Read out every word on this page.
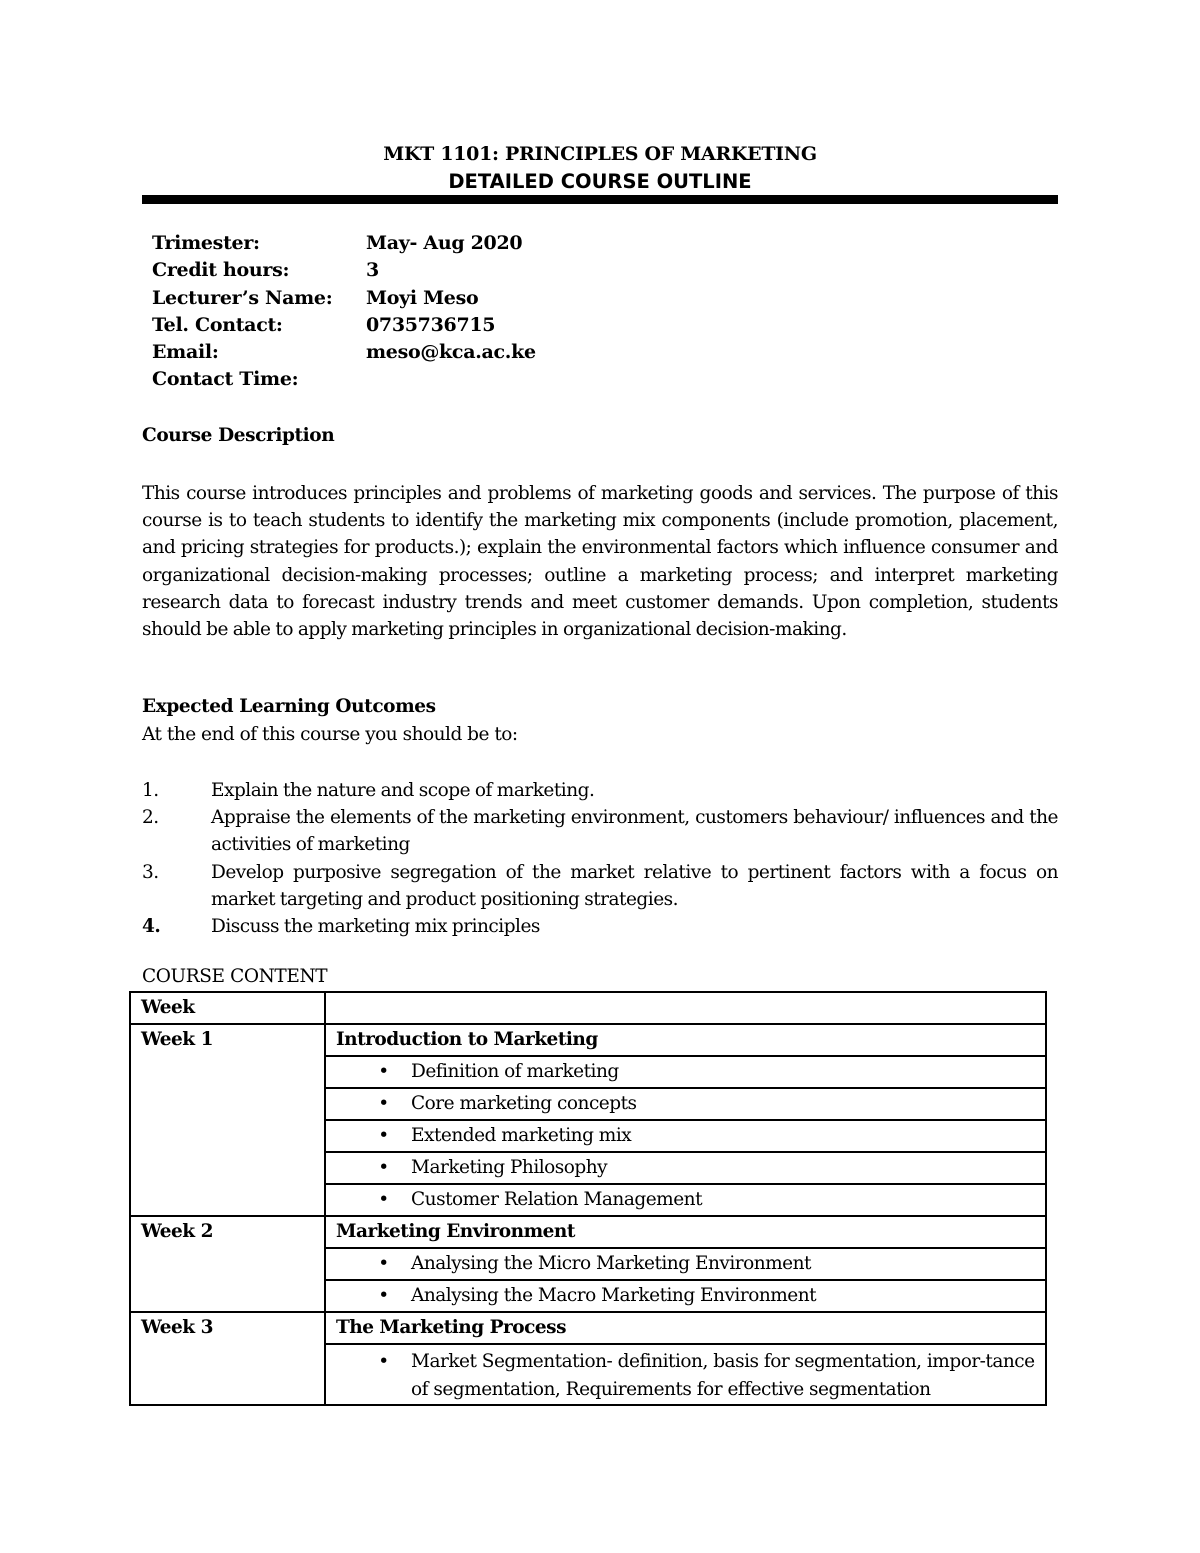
MKT 1101: PRINCIPLES OF MARKETING
DETAILED COURSE OUTLINE
Trimester:	May- Aug 2020
Credit hours:	3
Lecturer’s Name: Moyi Meso
Tel. Contact:	0735736715
Email:	meso@kca.ac.ke
Contact Time:
Course Description
This course introduces principles and problems of marketing goods and services. The purpose of this course is to teach students to identify the marketing mix components (include promotion, placement, and pricing strategies for products.); explain the environmental factors which influence consumer and organizational decision-making processes; outline a marketing process; and interpret marketing research data to forecast industry trends and meet customer demands. Upon completion, students should be able to apply marketing principles in organizational decision-making.
Expected Learning Outcomes
At the end of this course you should be to:
1.	Explain the nature and scope of marketing.
2.	Appraise the elements of the marketing environment, customers behaviour/ influences and the activities of marketing
3.	Develop purposive segregation of the market relative to pertinent factors with a focus on market targeting and product positioning strategies.
4.	Discuss the marketing mix principles
COURSE CONTENT
Week	
Week 1	Introduction to Marketing

	• Definition of marketing

	• Core marketing concepts

	• Extended marketing mix

	• Marketing Philosophy

	• Customer Relation Management

Week 2	Marketing Environment

	• Analysing the Micro Marketing Environment

	• Analysing the Macro Marketing Environment

Week 3	The Marketing Process

	• Market Segmentation- definition, basis for segmentation, impor-tance of segmentation, Requirements for effective segmentation
